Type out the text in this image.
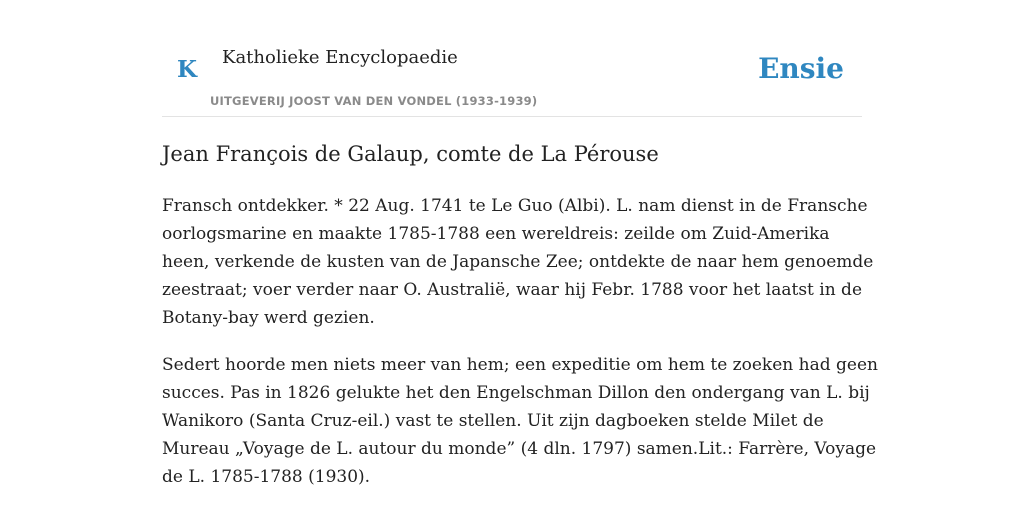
K Katholieke Encyclopaedie
UITGEVERIJ JOOST VAN DEN VONDEL (1933-1939)
Ensie
Jean François de Galaup, comte de La Pérouse

Fransch ontdekker. * 22 Aug. 1741 te Le Guo (Albi). L. nam dienst in de Fransche
oorlogsmarine en maakte 1785-1788 een wereldreis: zeilde om Zuid-Amerika
heen, verkende de kusten van de Japansche Zee; ontdekte de naar hem genoemde
zeestraat; voer verder naar O. Australië, waar hij Febr. 1788 voor het laatst in de
Botany-bay werd gezien.

Sedert hoorde men niets meer van hem; een expeditie om hem te zoeken had geen
succes. Pas in 1826 gelukte het den Engelschman Dillon den ondergang van L. bij
Wanikoro (Santa Cruz-eil.) vast te stellen. Uit zijn dagboeken stelde Milet de
Mureau „Voyage de L. autour du monde” (4 dln. 1797) samen.Lit.: Farrère, Voyage
de L. 1785-1788 (1930).
